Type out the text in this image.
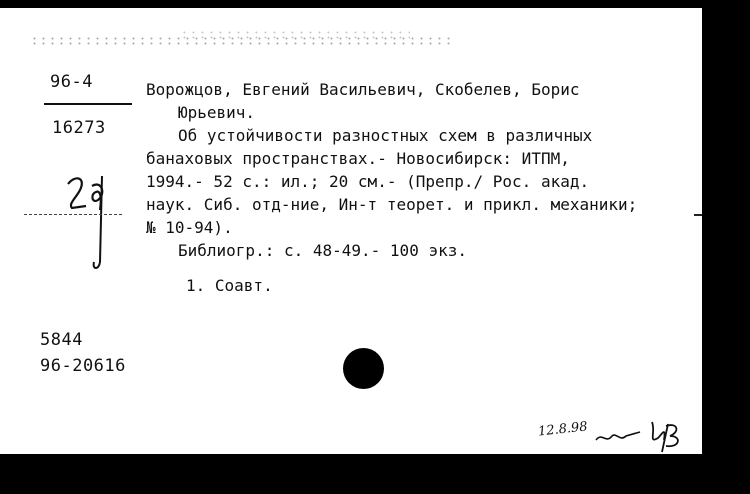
96-4
16273
Ворожцов, Евгений Васильевич, Скобелев, Борис
Юрьевич.
Об устойчивости разностных схем в различных
банаховых пространствах.- Новосибирск: ИТПМ,
1994.- 52 с.: ил.; 20 см.- (Препр./ Рос. акад.
наук. Сиб. отд-ние, Ин-т теорет. и прикл. механики;
№ 10-94).
Библиогр.: с. 48-49.- 100 экз.
1. Соавт.
5844
96-20616
12.8.98
